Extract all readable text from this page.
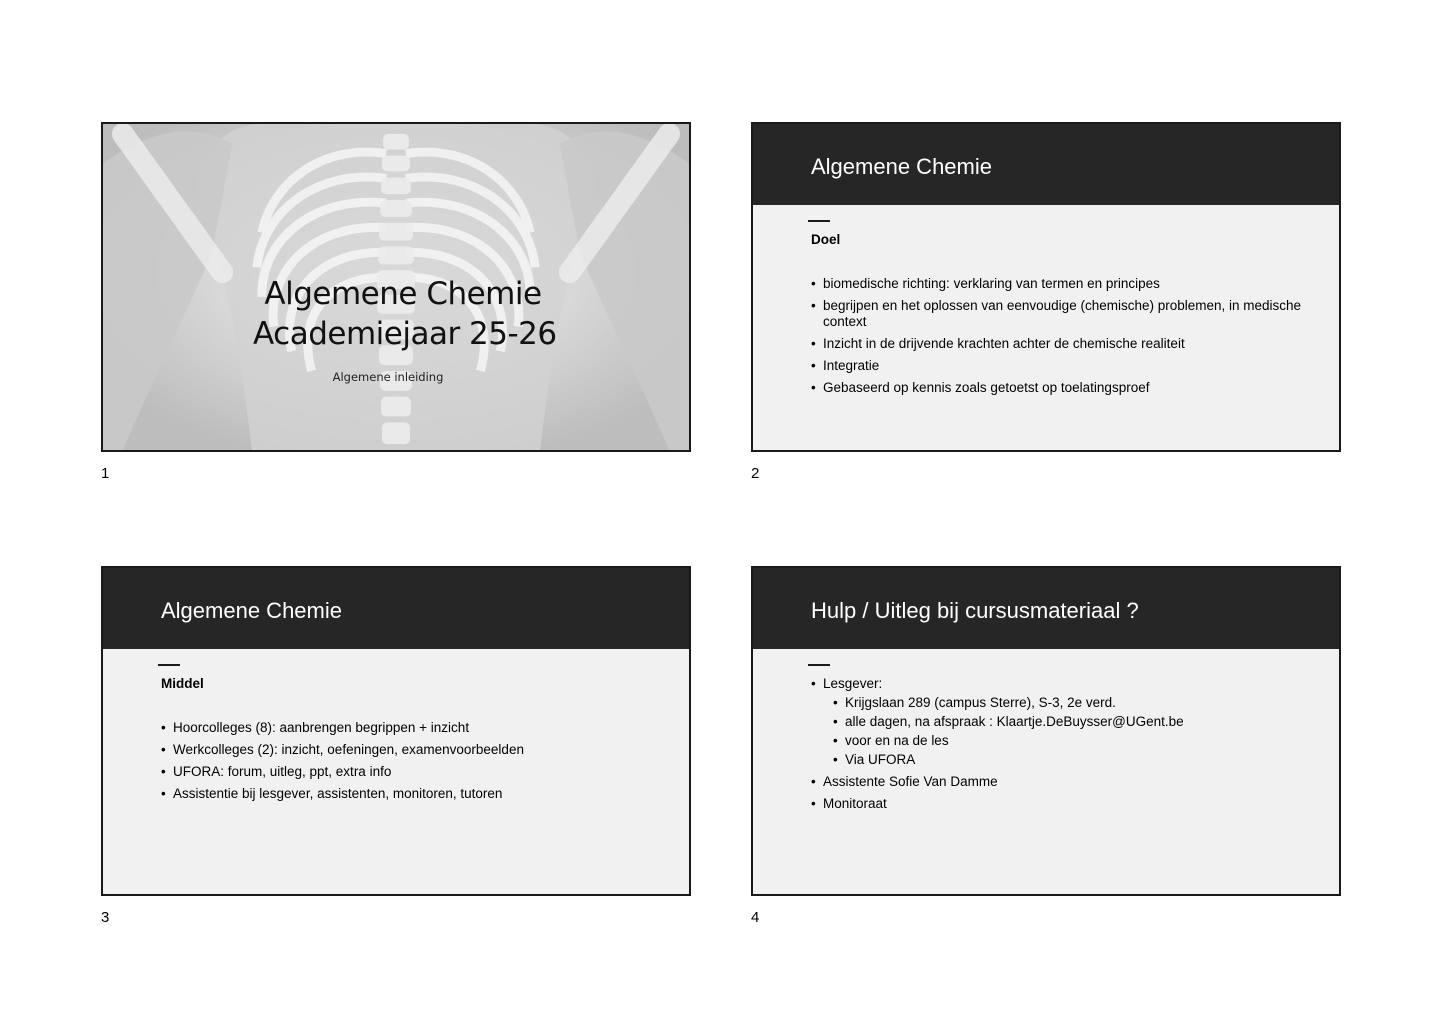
Algemene Chemie
Academiejaar 25-26
Algemene inleiding
1
Algemene Chemie
Doel
• biomedische richting: verklaring van termen en principes
• begrijpen en het oplossen van eenvoudige (chemische) problemen, in medische context
• Inzicht in de drijvende krachten achter de chemische realiteit
• Integratie
• Gebaseerd op kennis zoals getoetst op toelatingsproef
2
Algemene Chemie
Middel
• Hoorcolleges (8): aanbrengen begrippen + inzicht
• Werkcolleges (2): inzicht, oefeningen, examenvoorbeelden
• UFORA: forum, uitleg, ppt, extra info
• Assistentie bij lesgever, assistenten, monitoren, tutoren
3
Hulp / Uitleg bij cursusmateriaal ?
• Lesgever:
• Krijgslaan 289 (campus Sterre), S-3, 2e verd.
• alle dagen, na afspraak : Klaartje.DeBuysser@UGent.be
• voor en na de les
• Via UFORA
• Assistente Sofie Van Damme
• Monitoraat
4
